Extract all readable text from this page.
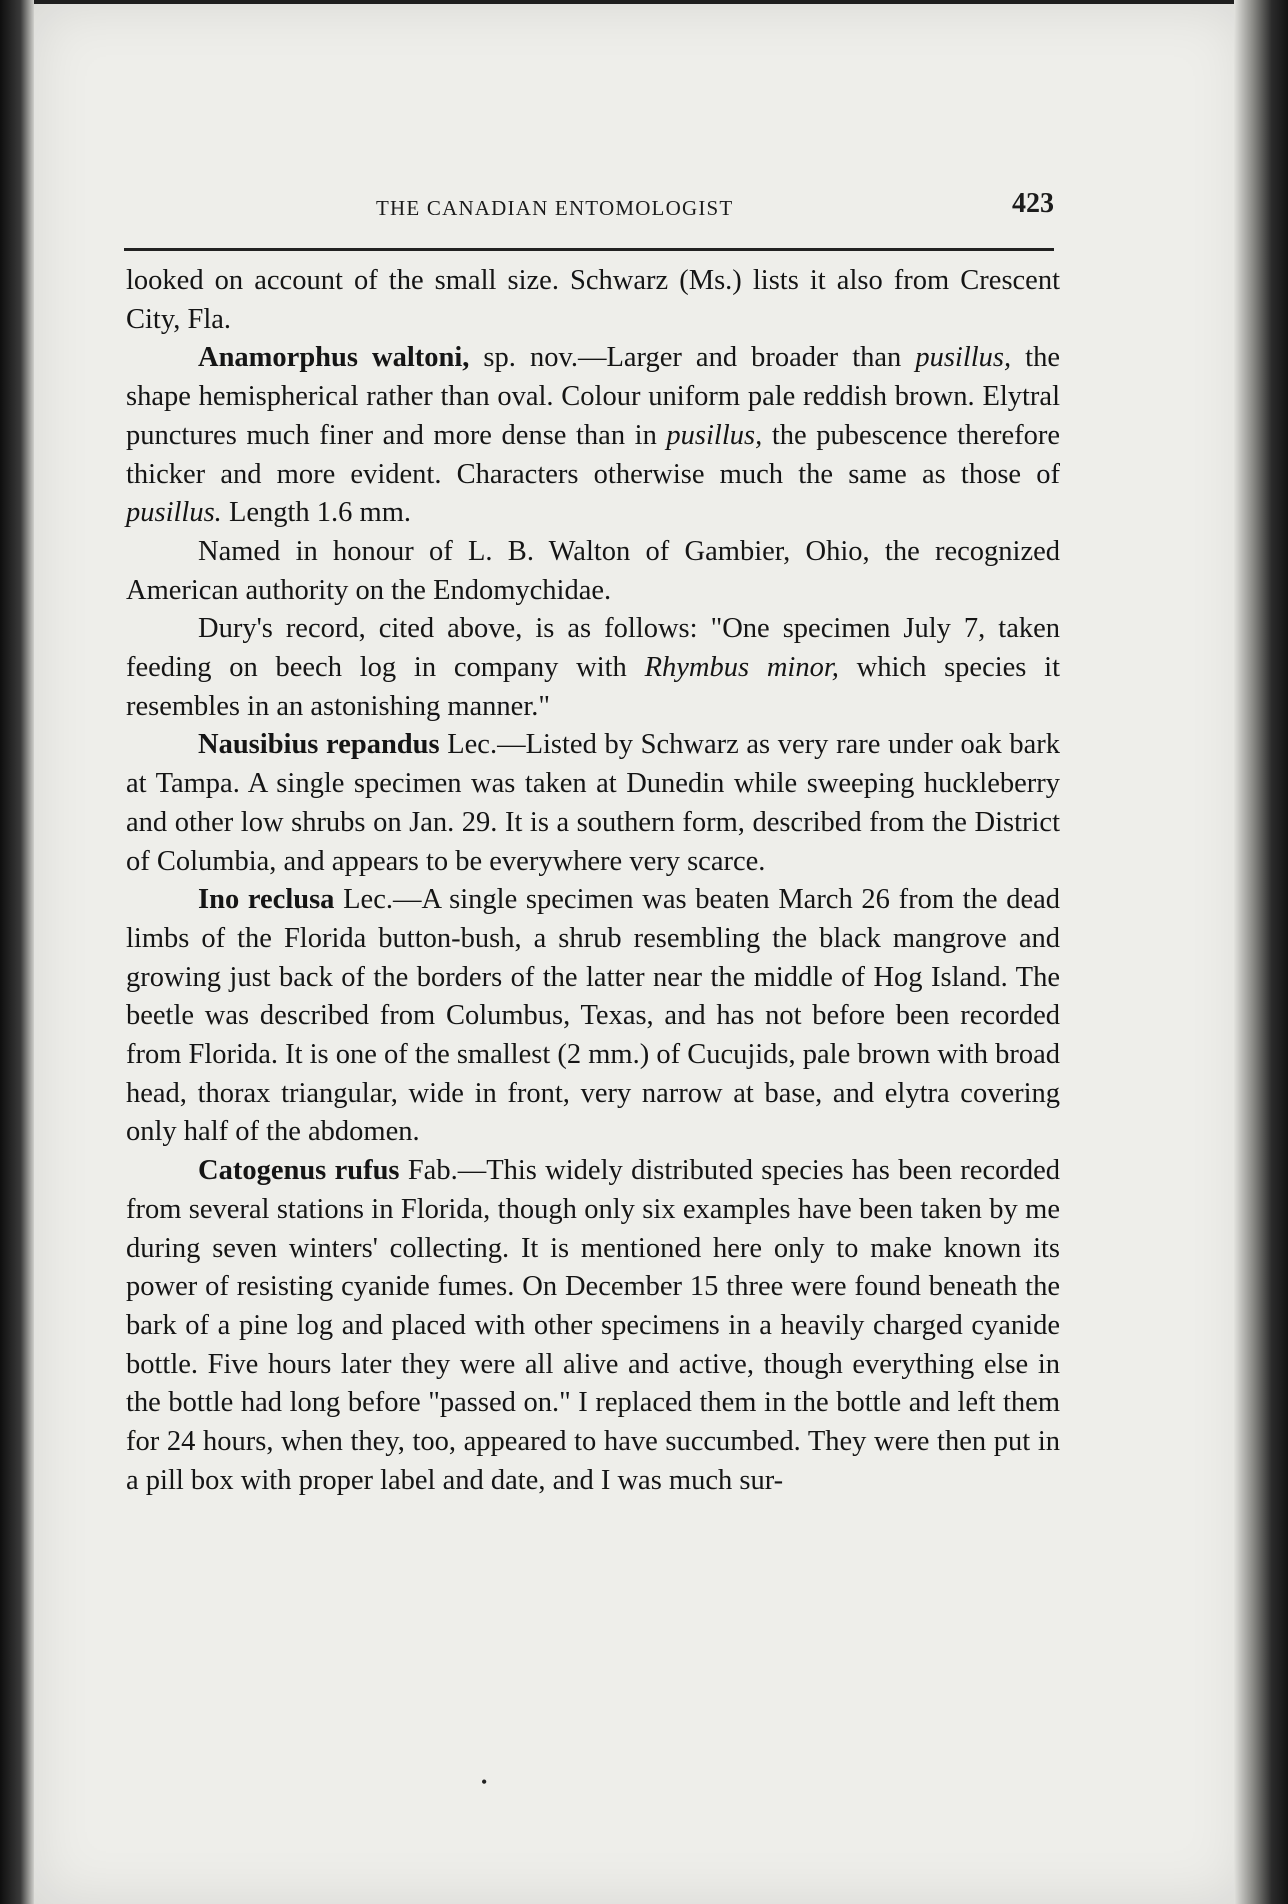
THE CANADIAN ENTOMOLOGIST	423

looked on account of the small size. Schwarz (Ms.) lists it also from Crescent City, Fla.

Anamorphus waltoni, sp. nov.—Larger and broader than pusillus, the shape hemispherical rather than oval. Colour uniform pale reddish brown. Elytral punctures much finer and more dense than in pusillus, the pubescence therefore thicker and more evident. Characters otherwise much the same as those of pusillus. Length 1.6 mm.

Named in honour of L. B. Walton of Gambier, Ohio, the recognized American authority on the Endomychidae.

Dury's record, cited above, is as follows: "One specimen July 7, taken feeding on beech log in company with Rhymbus minor, which species it resembles in an astonishing manner."

Nausibius repandus Lec.—Listed by Schwarz as very rare under oak bark at Tampa. A single specimen was taken at Dunedin while sweeping huckleberry and other low shrubs on Jan. 29. It is a southern form, described from the District of Columbia, and appears to be everywhere very scarce.

Ino reclusa Lec.—A single specimen was beaten March 26 from the dead limbs of the Florida button-bush, a shrub resembling the black mangrove and growing just back of the borders of the latter near the middle of Hog Island. The beetle was described from Columbus, Texas, and has not before been recorded from Florida. It is one of the smallest (2 mm.) of Cucujids, pale brown with broad head, thorax triangular, wide in front, very narrow at base, and elytra covering only half of the abdomen.

Catogenus rufus Fab.—This widely distributed species has been recorded from several stations in Florida, though only six examples have been taken by me during seven winters' collecting. It is mentioned here only to make known its power of resisting cyanide fumes. On December 15 three were found beneath the bark of a pine log and placed with other specimens in a heavily charged cyanide bottle. Five hours later they were all alive and active, though everything else in the bottle had long before "passed on." I replaced them in the bottle and left them for 24 hours, when they, too, appeared to have succumbed. They were then put in a pill box with proper label and date, and I was much sur-

•
